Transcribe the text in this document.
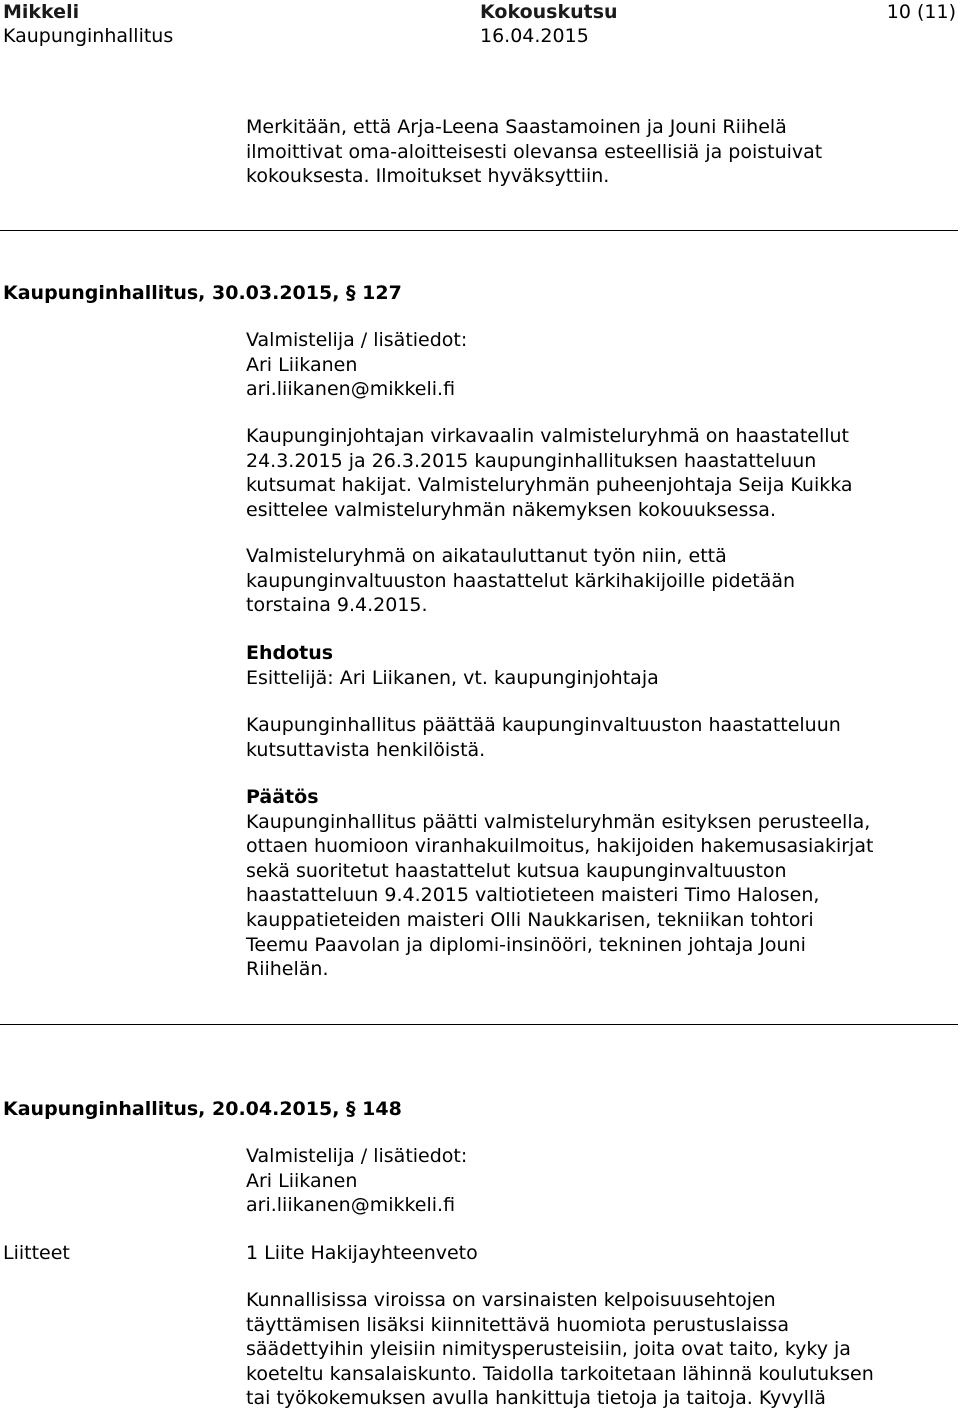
Mikkeli
Kaupunginhallitus
Kokouskutsu
16.04.2015
10 (11)
Merkitään, että Arja-Leena Saastamoinen ja Jouni Riihelä
ilmoittivat oma-aloitteisesti olevansa esteellisiä ja poistuivat
kokouksesta. Ilmoitukset hyväksyttiin.
Kaupunginhallitus, 30.03.2015, § 127
Valmistelija / lisätiedot:
Ari Liikanen
ari.liikanen@mikkeli.fi
Kaupunginjohtajan virkavaalin valmisteluryhmä on haastatellut
24.3.2015 ja 26.3.2015 kaupunginhallituksen haastatteluun
kutsumat hakijat. Valmisteluryhmän puheenjohtaja Seija Kuikka
esittelee valmisteluryhmän näkemyksen kokouuksessa.
Valmisteluryhmä on aikatauluttanut työn niin, että
kaupunginvaltuuston haastattelut kärkihakijoille pidetään
torstaina 9.4.2015.
Ehdotus
Esittelijä: Ari Liikanen, vt. kaupunginjohtaja
Kaupunginhallitus päättää kaupunginvaltuuston haastatteluun
kutsuttavista henkilöistä.
Päätös
Kaupunginhallitus päätti valmisteluryhmän esityksen perusteella,
ottaen huomioon viranhakuilmoitus, hakijoiden hakemusasiakirjat
sekä suoritetut haastattelut kutsua kaupunginvaltuuston
haastatteluun 9.4.2015 valtiotieteen maisteri Timo Halosen,
kauppatieteiden maisteri Olli Naukkarisen, tekniikan tohtori
Teemu Paavolan ja diplomi-insinööri, tekninen johtaja Jouni
Riihelän.
Kaupunginhallitus, 20.04.2015, § 148
Valmistelija / lisätiedot:
Ari Liikanen
ari.liikanen@mikkeli.fi
Liitteet	1 Liite Hakijayhteenveto
Kunnallisissa viroissa on varsinaisten kelpoisuusehtojen
täyttämisen lisäksi kiinnitettävä huomiota perustuslaissa
säädettyihin yleisiin nimitysperusteisiin, joita ovat taito, kyky ja
koeteltu kansalaiskunto. Taidolla tarkoitetaan lähinnä koulutuksen
tai työkokemuksen avulla hankittuja tietoja ja taitoja. Kyvyllä
